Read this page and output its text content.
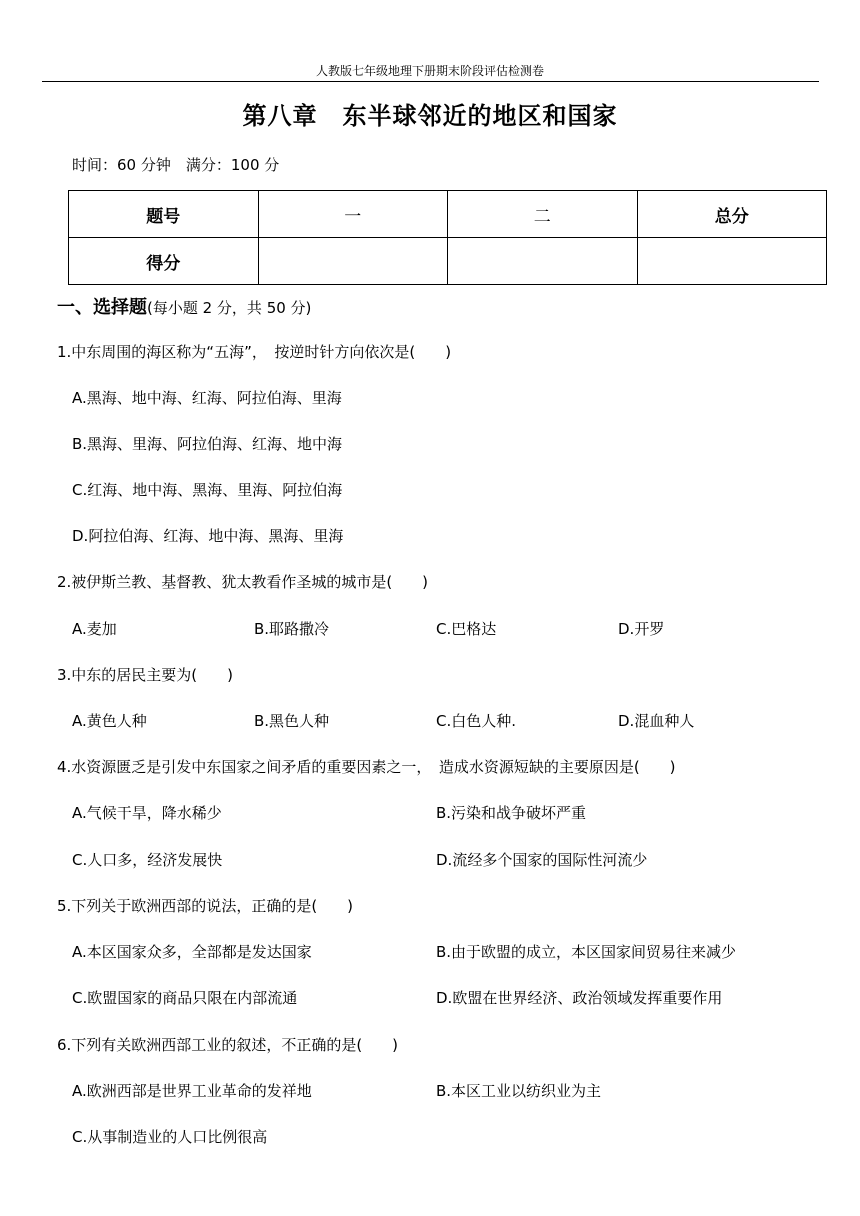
人教版七年级地理下册期末阶段评估检测卷
第八章　东半球邻近的地区和国家
时间：60 分钟　满分：100 分
题号	一	二	总分
得分			
一、选择题(每小题 2 分，共 50 分)
1.中东周围的海区称为“五海”，　按逆时针方向依次是(　　)
A.黑海、地中海、红海、阿拉伯海、里海
B.黑海、里海、阿拉伯海、红海、地中海
C.红海、地中海、黑海、里海、阿拉伯海
D.阿拉伯海、红海、地中海、黑海、里海
2.被伊斯兰教、基督教、犹太教看作圣城的城市是(　　)
A.麦加	B.耶路撒冷	C.巴格达	D.开罗
3.中东的居民主要为(　　)
A.黄色人种	B.黑色人种	C.白色人种.	D.混血种人
4.水资源匮乏是引发中东国家之间矛盾的重要因素之一，　造成水资源短缺的主要原因是(　　)
A.气候干旱，降水稀少	B.污染和战争破坏严重
C.人口多，经济发展快	D.流经多个国家的国际性河流少
5.下列关于欧洲西部的说法，正确的是(　　)
A.本区国家众多，全部都是发达国家	B.由于欧盟的成立，本区国家间贸易往来减少
C.欧盟国家的商品只限在内部流通	D.欧盟在世界经济、政治领域发挥重要作用
6.下列有关欧洲西部工业的叙述，不正确的是(　　)
A.欧洲西部是世界工业革命的发祥地	B.本区工业以纺织业为主
C.从事制造业的人口比例很高
